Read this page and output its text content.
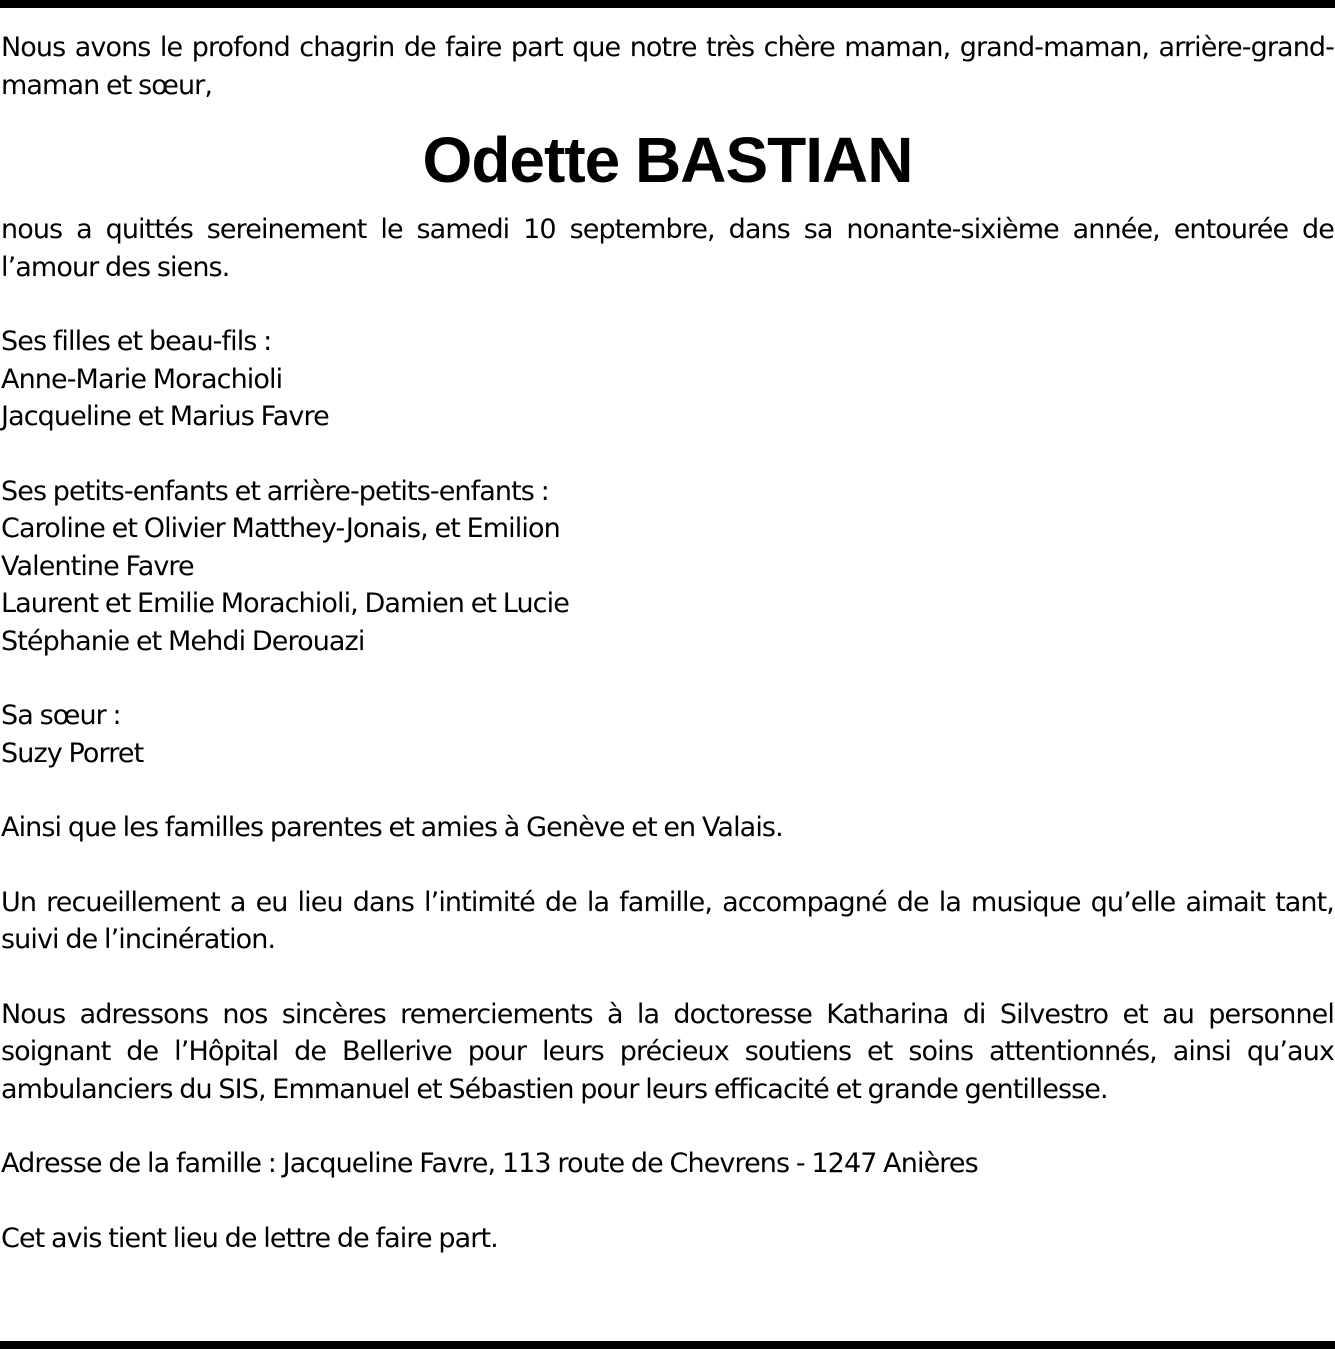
Nous avons le profond chagrin de faire part que notre très chère maman, grand-maman, arrière-grand-maman et sœur,

Odette BASTIAN

nous a quittés sereinement le samedi 10 septembre, dans sa nonante-sixième année, entourée de l’amour des siens.

Ses filles et beau-fils :
Anne-Marie Morachioli
Jacqueline et Marius Favre
Ses petits-enfants et arrière-petits-enfants :
Caroline et Olivier Matthey-Jonais, et Emilion
Valentine Favre
Laurent et Emilie Morachioli, Damien et Lucie
Stéphanie et Mehdi Derouazi
Sa sœur :
Suzy Porret

Ainsi que les familles parentes et amies à Genève et en Valais.

Un recueillement a eu lieu dans l’intimité de la famille, accompagné de la musique qu’elle aimait tant, suivi de l’incinération.

Nous adressons nos sincères remerciements à la doctoresse Katharina di Silvestro et au personnel soignant de l’Hôpital de Bellerive pour leurs précieux soutiens et soins attentionnés, ainsi qu’aux ambulanciers du SIS, Emmanuel et Sébastien pour leurs efficacité et grande gentillesse.

Adresse de la famille : Jacqueline Favre, 113 route de Chevrens - 1247 Anières

Cet avis tient lieu de lettre de faire part.
